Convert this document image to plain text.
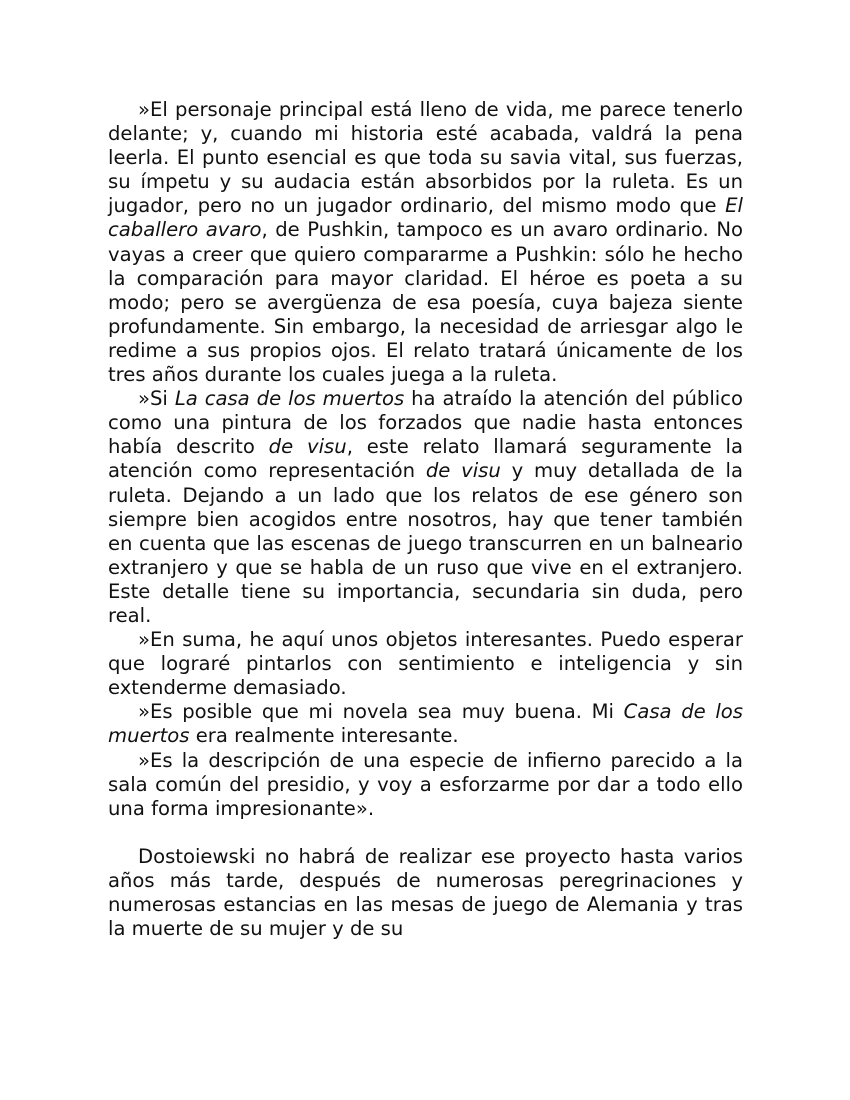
»El personaje principal está lleno de vida, me parece tenerlo delante; y, cuando mi historia esté acabada, valdrá la pena leerla. El punto esencial es que toda su savia vital, sus fuerzas, su ímpetu y su audacia están absorbidos por la ruleta. Es un jugador, pero no un jugador ordinario, del mismo modo que El caballero avaro, de Pushkin, tampoco es un avaro ordinario. No vayas a creer que quiero compararme a Pushkin: sólo he hecho la comparación para mayor claridad. El héroe es poeta a su modo; pero se avergüenza de esa poesía, cuya bajeza siente profundamente. Sin embargo, la necesidad de arriesgar algo le redime a sus propios ojos. El relato tratará únicamente de los tres años durante los cuales juega a la ruleta.

»Si La casa de los muertos ha atraído la atención del público como una pintura de los forzados que nadie hasta entonces había descrito de visu, este relato llamará seguramente la atención como representación de visu y muy detallada de la ruleta. Dejando a un lado que los relatos de ese género son siempre bien acogidos entre nosotros, hay que tener también en cuenta que las escenas de juego transcurren en un balneario extranjero y que se habla de un ruso que vive en el extranjero. Este detalle tiene su importancia, secundaria sin duda, pero real.

»En suma, he aquí unos objetos interesantes. Puedo esperar que lograré pintarlos con sentimiento e inteligencia y sin extenderme demasiado.

»Es posible que mi novela sea muy buena. Mi Casa de los muertos era realmente interesante.

»Es la descripción de una especie de infierno parecido a la sala común del presidio, y voy a esforzarme por dar a todo ello una forma impresionante».

Dostoiewski no habrá de realizar ese proyecto hasta varios años más tarde, después de numerosas peregrinaciones y numerosas estancias en las mesas de juego de Alemania y tras la muerte de su mujer y de su
